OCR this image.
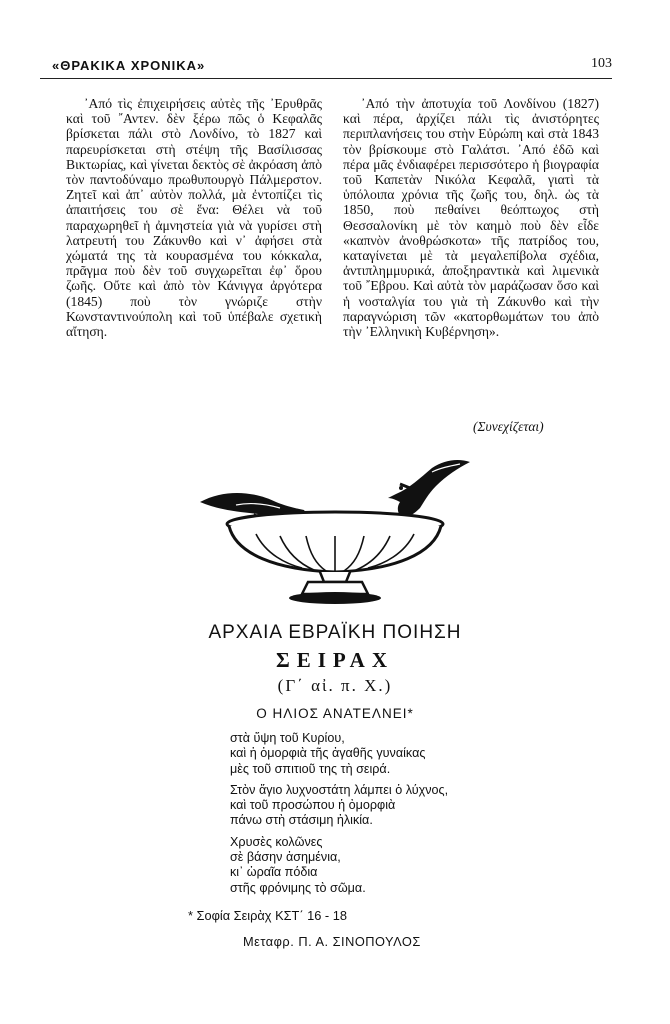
«ΘΡΑΚΙΚΑ ΧΡΟΝΙΚΑ»	103

᾿Από τὶς ἐπιχειρήσεις αὐτὲς τῆς ᾿Ερυθρᾶς καὶ τοῦ ῎Αντεν. δὲν ξέρω πῶς ὁ Κεφαλᾶς βρίσκεται πάλι στὸ Λονδίνο, τὸ 1827 καὶ παρευρίσκεται στὴ στέψη τῆς Βασίλισσας Βικτωρίας, καὶ γίνεται δεκτὸς σὲ ἀκρόαση ἀπὸ τὸν παντοδύναμο πρωθυπουργὸ Πάλμερστον. Ζητεῖ καὶ ἀπ᾿ αὐτὸν πολλά, μὰ ἐντοπίζει τὶς ἀπαιτήσεις του σὲ ἕνα: Θέλει νὰ τοῦ παραχωρηθεῖ ἡ ἀμνηστεία γιὰ νὰ γυρίσει στὴ λατρευτή του Ζάκυνθο καὶ ν᾿ ἀφήσει στὰ χώματά της τὰ κουρασμένα του κόκκαλα, πρᾶγμα ποὺ δὲν τοῦ συγχωρεῖται ἐφ᾿ ὅρου ζωῆς. Οὔτε καὶ ἀπὸ τὸν Κάνιγγα ἀργότερα (1845) ποὺ τὸν γνώριζε στὴν Κωνσταντινούπολη καὶ τοῦ ὑπέβαλε σχετικὴ αἴτηση.

᾿Από τὴν ἀποτυχία τοῦ Λονδίνου (1827) καὶ πέρα, ἀρχίζει πάλι τὶς ἀνιστόρητες περιπλανήσεις του στὴν Εὐρώπη καὶ στὰ 1843 τὸν βρίσκουμε στὸ Γαλάτσι. ᾿Από ἐδῶ καὶ πέρα μᾶς ἐνδιαφέρει περισσότερο ἡ βιογραφία τοῦ Καπετὰν Νικόλα Κεφαλᾶ, γιατὶ τὰ ὑπόλοιπα χρόνια τῆς ζωῆς του, δηλ. ὡς τὰ 1850, ποὺ πεθαίνει θεόπτωχος στὴ Θεσσαλονίκη μὲ τὸν καημὸ ποὺ δὲν εἶδε «καπνὸν ἀνοθρώσκοτα» τῆς πατρίδος του, καταγίνεται μὲ τὰ μεγαλεπίβολα σχέδια, ἀντιπλημμυρικά, ἀποξηραντικὰ καὶ λιμενικὰ τοῦ ῎Εβρου. Καὶ αὐτὰ τὸν μαράζωσαν ὅσο καὶ ἡ νοσταλγία του γιὰ τὴ Ζάκυνθο καὶ τὴν παραγνώριση τῶν «κατορθωμάτων του ἀπὸ τὴν ᾿Ελληνικὴ Κυβέρνηση».

(Συνεχίζεται)
ΑΡΧΑΙΑ ΕΒΡΑΪΚΗ ΠΟΙΗΣΗ
ΣΕΙΡΑΧ
(Γ΄ αἰ. π. Χ.)
Ο ΗΛΙΟΣ ΑΝΑΤΕΛΝΕΙ*
στὰ ὕψη τοῦ Κυρίου,
καὶ ἡ ὀμορφιὰ τῆς ἀγαθῆς γυναίκας
μὲς τοῦ σπιτιοῦ της τὴ σειρά.
Στὸν ἅγιο λυχνοστάτη λάμπει ὁ λύχνος,
καὶ τοῦ προσώπου ἡ ὀμορφιὰ
πάνω στὴ στάσιμη ἡλικία.
Χρυσὲς κολῶνες
σὲ βάσην ἀσημένια,
κι᾿ ὡραῖα πόδια
στῆς φρόνιμης τὸ σῶμα.
* Σοφία Σειρὰχ ΚΣΤ΄ 16 - 18
Μεταφρ. Π. Α. ΣΙΝΟΠΟΥΛΟΣ
